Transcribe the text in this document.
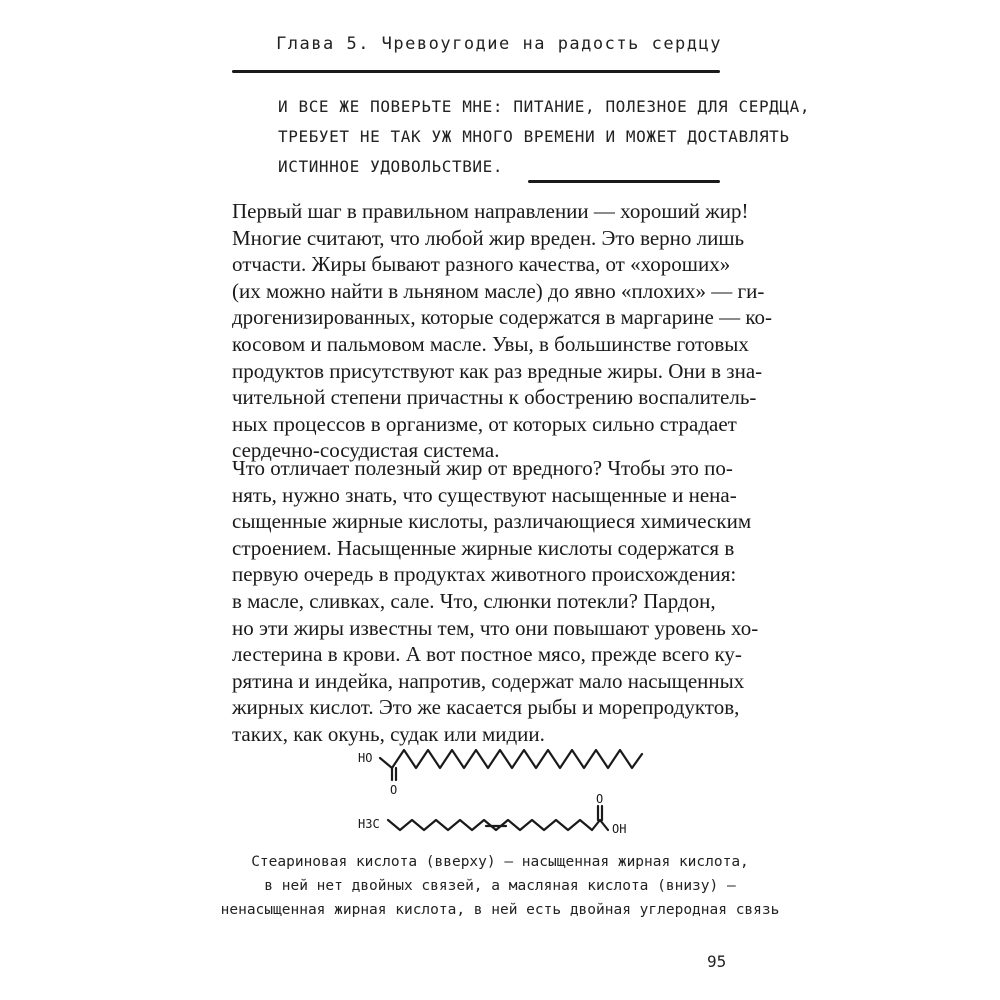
Глава 5. Чревоугодие на радость сердцу
И ВСЕ ЖЕ ПОВЕРЬТЕ МНЕ: ПИТАНИЕ, ПОЛЕЗНОЕ ДЛЯ СЕРДЦА,
ТРЕБУЕТ НЕ ТАК УЖ МНОГО ВРЕМЕНИ И МОЖЕТ ДОСТАВЛЯТЬ
ИСТИННОЕ УДОВОЛЬСТВИЕ.
Первый шаг в правильном направлении — хороший жир!
Многие считают, что любой жир вреден. Это верно лишь
отчасти. Жиры бывают разного качества, от «хороших»
(их можно найти в льняном масле) до явно «плохих» — ги-
дрогенизированных, которые содержатся в маргарине — ко-
косовом и пальмовом масле. Увы, в большинстве готовых
продуктов присутствуют как раз вредные жиры. Они в зна-
чительной степени причастны к обострению воспалитель-
ных процессов в организме, от которых сильно страдает
сердечно-сосудистая система.
Что отличает полезный жир от вредного? Чтобы это по-
нять, нужно знать, что существуют насыщенные и нена-
сыщенные жирные кислоты, различающиеся химическим
строением. Насыщенные жирные кислоты содержатся в
первую очередь в продуктах животного происхождения:
в масле, сливках, сале. Что, слюнки потекли? Пардон,
но эти жиры известны тем, что они повышают уровень хо-
лестерина в крови. А вот постное мясо, прежде всего ку-
рятина и индейка, напротив, содержат мало насыщенных
жирных кислот. Это же касается рыбы и морепродуктов,
таких, как окунь, судак или мидии.
HO
O
H3C
O
OH
Стеариновая кислота (вверху) — насыщенная жирная кислота,
в ней нет двойных связей, а масляная кислота (внизу) —
ненасыщенная жирная кислота, в ней есть двойная углеродная связь
95
